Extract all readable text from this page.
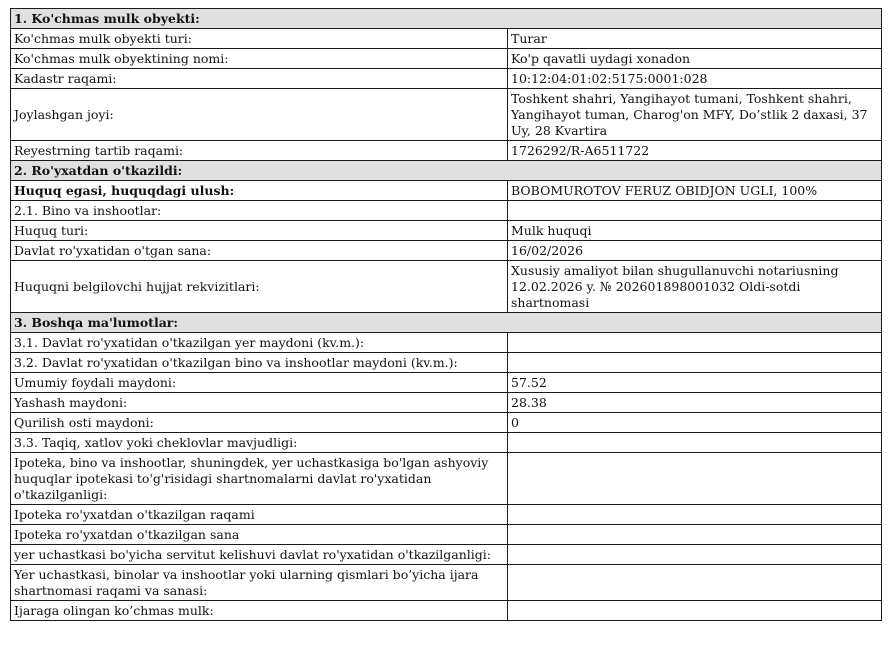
1. Ko'chmas mulk obyekti:	
Ko'chmas mulk obyekti turi:	Turar
Ko'chmas mulk obyektining nomi:	Ko'p qavatli uydagi xonadon
Kadastr raqami:	10:12:04:01:02:5175:0001:028
Joylashgan joyi:	Toshkent shahri, Yangihayot tumani, Toshkent shahri, Yangihayot tuman, Charog'on MFY, Do’stlik 2 daxasi, 37 Uy, 28 Kvartira
Reyestrning tartib raqami:	1726292/R-A6511722
2. Ro'yxatdan o'tkazildi:	
Huquq egasi, huquqdagi ulush:	BOBOMUROTOV FERUZ OBIDJON UGLI, 100%
2.1. Bino va inshootlar:	
Huquq turi:	Mulk huquqi
Davlat ro'yxatidan o'tgan sana:	16/02/2026
Huquqni belgilovchi hujjat rekvizitlari:	Xususiy amaliyot bilan shugullanuvchi notariusning 12.02.2026 y. № 202601898001032 Oldi-sotdi shartnomasi
3. Boshqa ma'lumotlar:	
3.1. Davlat ro'yxatidan o'tkazilgan yer maydoni (kv.m.):	
3.2. Davlat ro'yxatidan o'tkazilgan bino va inshootlar maydoni (kv.m.):	
Umumiy foydali maydoni:	57.52
Yashash maydoni:	28.38
Qurilish osti maydoni:	0
3.3. Taqiq, xatlov yoki cheklovlar mavjudligi:	
Ipoteka, bino va inshootlar, shuningdek, yer uchastkasiga bo'lgan ashyoviy huquqlar ipotekasi to'g'risidagi shartnomalarni davlat ro'yxatidan o'tkazilganligi:	
Ipoteka ro'yxatdan o'tkazilgan raqami	
Ipoteka ro'yxatdan o'tkazilgan sana	
yer uchastkasi bo'yicha servitut kelishuvi davlat ro'yxatidan o'tkazilganligi:	
Yer uchastkasi, binolar va inshootlar yoki ularning qismlari bo’yicha ijara shartnomasi raqami va sanasi:	
Ijaraga olingan ko’chmas mulk:	
